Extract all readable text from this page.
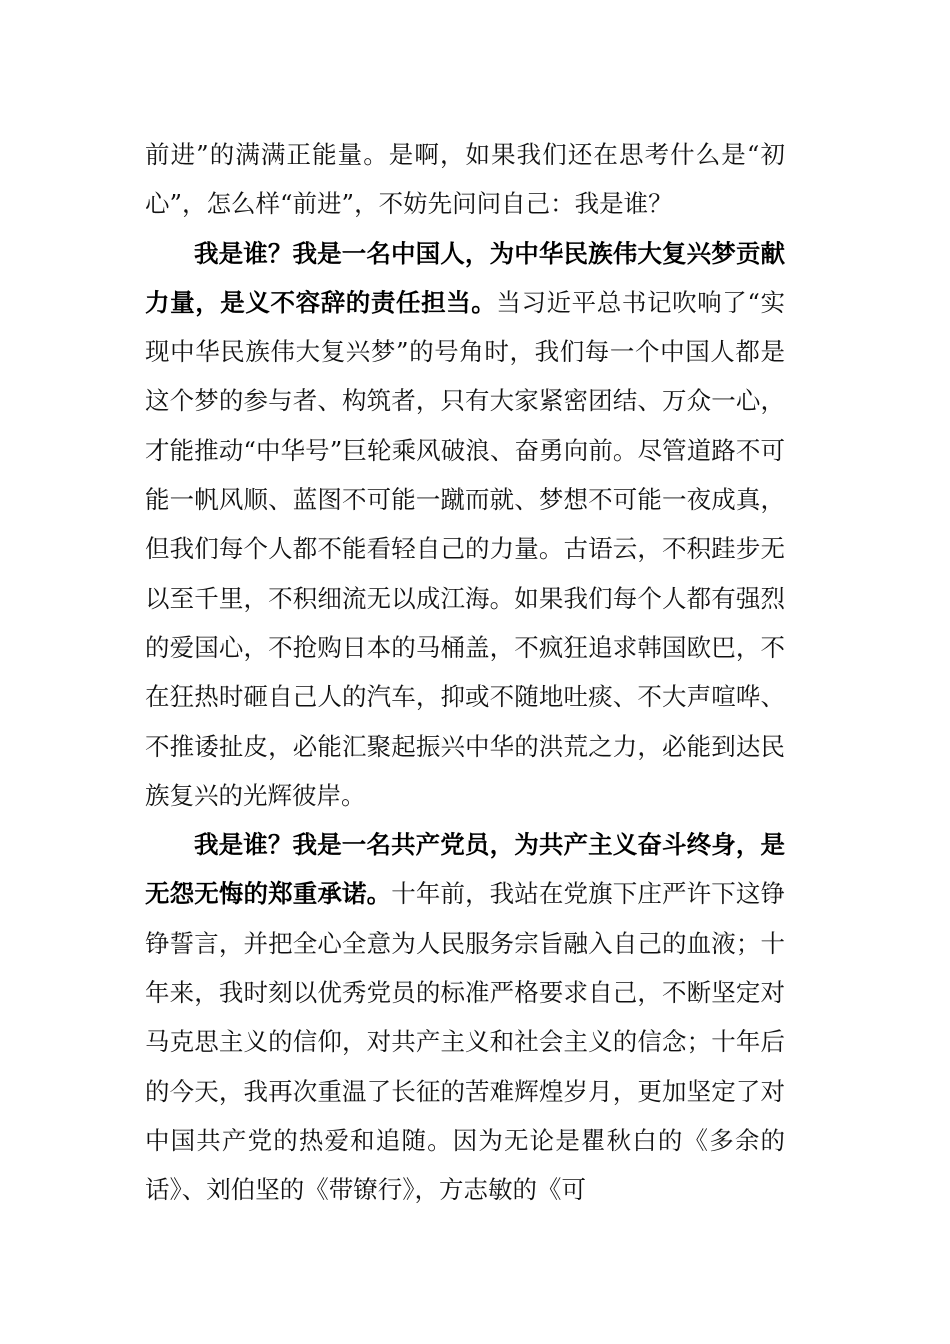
前进”的满满正能量。是啊，如果我们还在思考什么是“初心”，怎么样“前进”，不妨先问问自己：我是谁？

我是谁？我是一名中国人，为中华民族伟大复兴梦贡献力量，是义不容辞的责任担当。当习近平总书记吹响了“实现中华民族伟大复兴梦”的号角时，我们每一个中国人都是这个梦的参与者、构筑者，只有大家紧密团结、万众一心，才能推动“中华号”巨轮乘风破浪、奋勇向前。尽管道路不可能一帆风顺、蓝图不可能一蹴而就、梦想不可能一夜成真，但我们每个人都不能看轻自己的力量。古语云，不积跬步无以至千里，不积细流无以成江海。如果我们每个人都有强烈的爱国心，不抢购日本的马桶盖，不疯狂追求韩国欧巴，不在狂热时砸自己人的汽车，抑或不随地吐痰、不大声喧哗、不推诿扯皮，必能汇聚起振兴中华的洪荒之力，必能到达民族复兴的光辉彼岸。

我是谁？我是一名共产党员，为共产主义奋斗终身，是无怨无悔的郑重承诺。十年前，我站在党旗下庄严许下这铮铮誓言，并把全心全意为人民服务宗旨融入自己的血液；十年来，我时刻以优秀党员的标准严格要求自己，不断坚定对马克思主义的信仰，对共产主义和社会主义的信念；十年后的今天，我再次重温了长征的苦难辉煌岁月，更加坚定了对中国共产党的热爱和追随。因为无论是瞿秋白的《多余的话》、刘伯坚的《带镣行》，方志敏的《可
